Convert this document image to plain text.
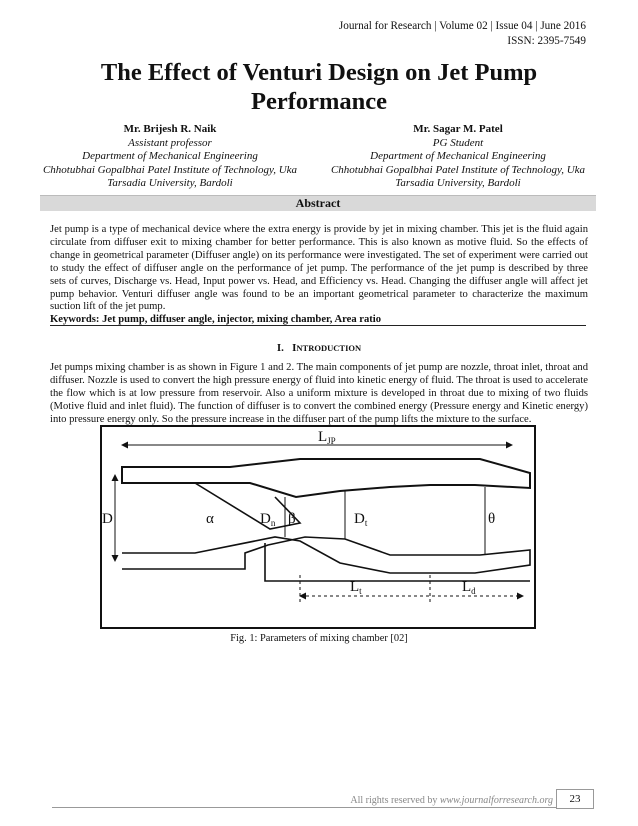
Journal for Research | Volume 02 | Issue 04 | June 2016
ISSN: 2395-7549
The Effect of Venturi Design on Jet Pump
Performance
Mr. Brijesh R. Naik
Assistant professor
Department of Mechanical Engineering
Chhotubhai Gopalbhai Patel Institute of Technology, Uka
Tarsadia University, Bardoli
Mr. Sagar M. Patel
PG Student
Department of Mechanical Engineering
Chhotubhai Gopalbhai Patel Institute of Technology, Uka
Tarsadia University, Bardoli
Abstract
Jet pump is a type of mechanical device where the extra energy is provide by jet in mixing chamber. This jet is the fluid again circulate from diffuser exit to mixing chamber for better performance. This is also known as motive fluid. So the effects of change in geometrical parameter (Diffuser angle) on its performance were investigated. The set of experiment were carried out to study the effect of diffuser angle on the performance of jet pump. The performance of the jet pump is described by three sets of curves, Discharge vs. Head, Input power vs. Head, and Efficiency vs. Head. Changing the diffuser angle will affect jet pump behavior. Venturi diffuser angle was found to be an important geometrical parameter to characterize the maximum suction lift of the jet pump.
Keywords: Jet pump, diffuser angle, injector, mixing chamber, Area ratio
I. INTRODUCTION
Jet pumps mixing chamber is as shown in Figure 1 and 2. The main components of jet pump are nozzle, throat inlet, throat and diffuser. Nozzle is used to convert the high pressure energy of fluid into kinetic energy of fluid. The throat is used to accelerate the flow which is at low pressure from reservoir. Also a uniform mixture is developed in throat due to mixing of two fluids (Motive fluid and inlet fluid). The function of diffuser is to convert the combined energy (Pressure energy and Kinetic energy) into pressure energy only. So the pressure increase in the diffuser part of the pump lifts the mixture to the surface.
$L_{JP}$
D	α	$D_n$ β	$D_t$	θ
$L_t$	$L_d$
Fig. 1: Parameters of mixing chamber [02]
All rights reserved by www.journalforresearch.org	23
